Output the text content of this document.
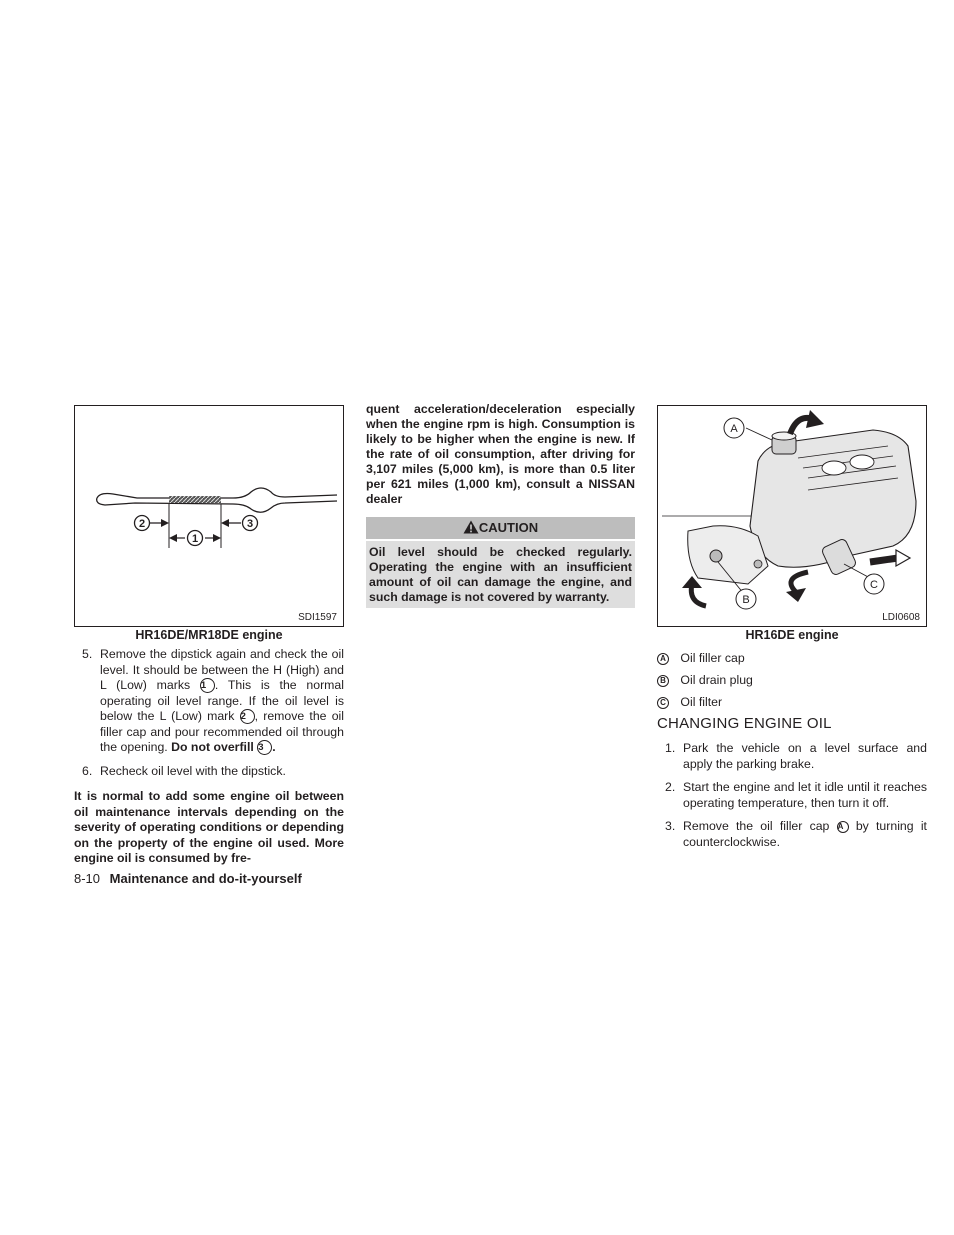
2
1
3
SDI1597
HR16DE/MR18DE engine
5. Remove the dipstick again and check the oil level. It should be between the H (High) and L (Low) marks 1 . This is the normal operating oil level range. If the oil level is below the L (Low) mark 2 , remove the oil filler cap and pour recommended oil through the opening. Do not overfill 3 .
6. Recheck oil level with the dipstick.
It is normal to add some engine oil between oil maintenance intervals depending on the severity of operating conditions or depending on the property of the engine oil used. More engine oil is consumed by fre-
8-10 Maintenance and do-it-yourself
quent acceleration/deceleration especially when the engine rpm is high. Consumption is likely to be higher when the engine is new. If the rate of oil consumption, after driving for 3,107 miles (5,000 km), is more than 0.5 liter per 621 miles (1,000 km), consult a NISSAN dealer
CAUTION
Oil level should be checked regularly. Operating the engine with an insufficient amount of oil can damage the engine, and such damage is not covered by warranty.
A
B
C
LDI0608
HR16DE engine
A Oil filler cap
B Oil drain plug
C Oil filter
CHANGING ENGINE OIL
1. Park the vehicle on a level surface and apply the parking brake.
2. Start the engine and let it idle until it reaches operating temperature, then turn it off.
3. Remove the oil filler cap A by turning it counterclockwise.
